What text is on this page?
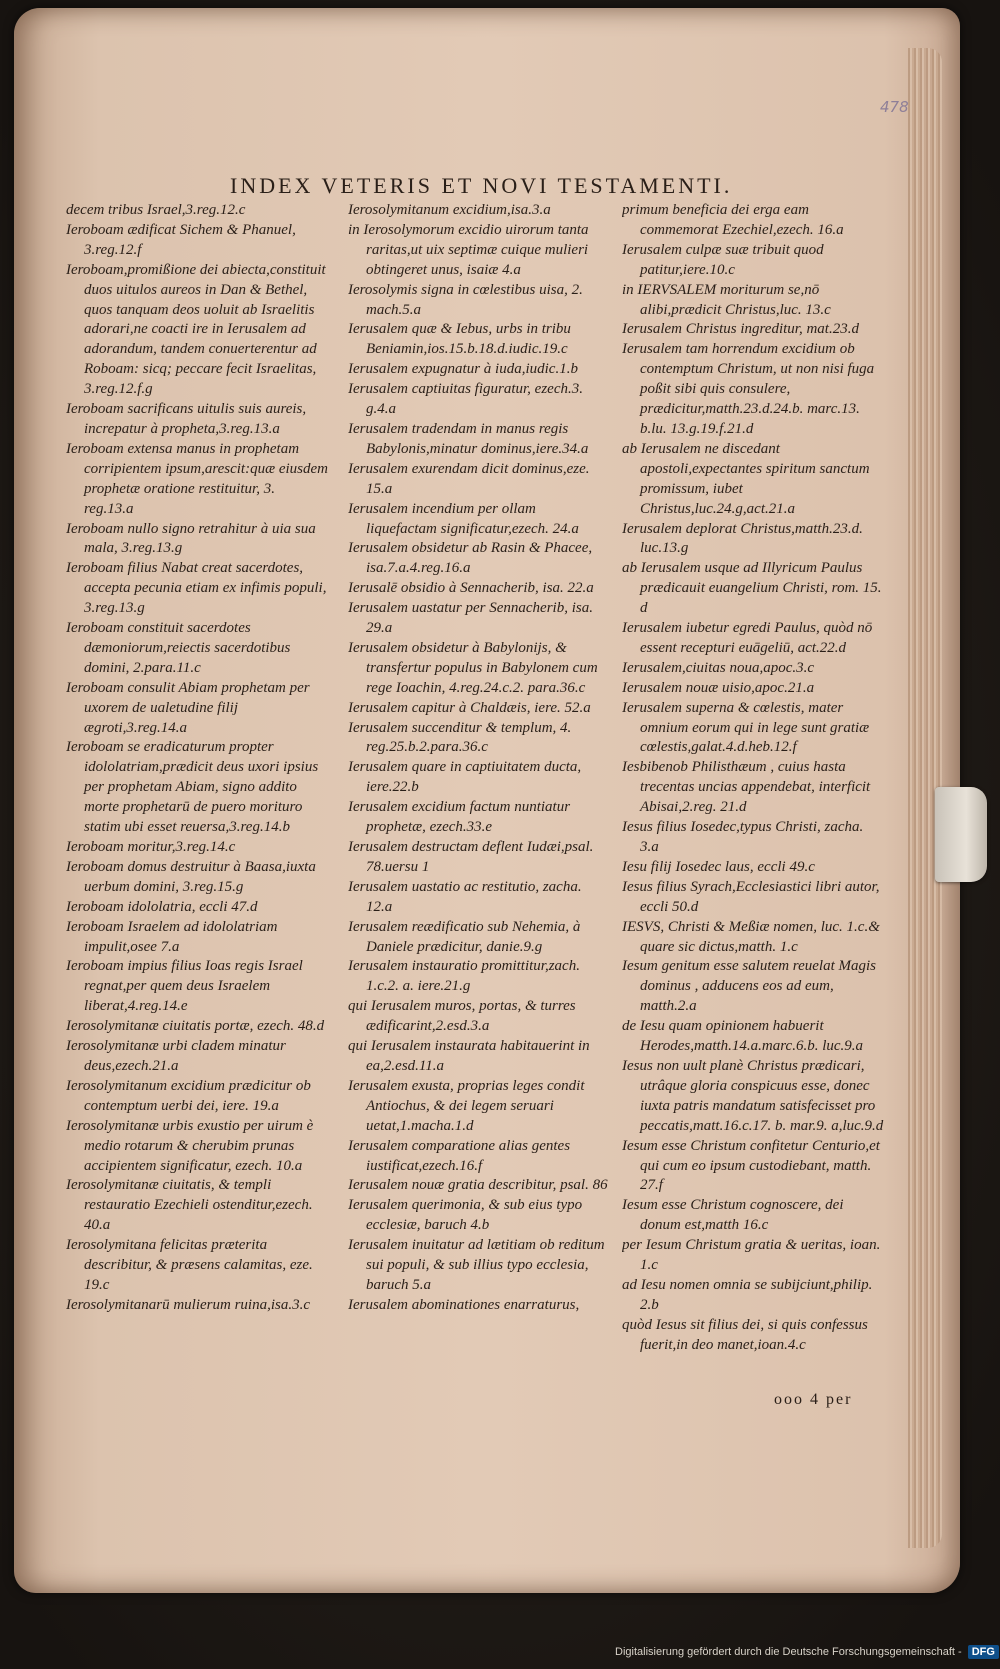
478
INDEX VETERIS ET NOVI TESTAMENTI.

decem tribus Israel,3.reg.12.c

Ieroboam ædificat Sichem & Phanuel, 3.reg.12.f

Ieroboam,promißione dei abiecta,constituit duos uitulos aureos in Dan & Bethel, quos tanquam deos uoluit ab Israelitis adorari,ne coacti ire in Ierusalem ad adorandum, tandem conuerterentur ad Roboam: sicq; peccare fecit Israelitas, 3.reg.12.f.g

Ieroboam sacrificans uitulis suis aureis, increpatur à propheta,3.reg.13.a

Ieroboam extensa manus in prophetam corripientem ipsum,arescit:quæ eiusdem prophetæ oratione restituitur, 3. reg.13.a

Ieroboam nullo signo retrahitur à uia sua mala, 3.reg.13.g

Ieroboam filius Nabat creat sacerdotes, accepta pecunia etiam ex infimis populi, 3.reg.13.g

Ieroboam constituit sacerdotes dæmoniorum,reiectis sacerdotibus domini, 2.para.11.c

Ieroboam consulit Abiam prophetam per uxorem de ualetudine filij ægroti,3.reg.14.a

Ieroboam se eradicaturum propter idololatriam,prædicit deus uxori ipsius per prophetam Abiam, signo addito morte prophetarū de puero morituro statim ubi esset reuersa,3.reg.14.b

Ieroboam moritur,3.reg.14.c

Ieroboam domus destruitur à Baasa,iuxta uerbum domini, 3.reg.15.g

Ieroboam idololatria, eccli 47.d

Ieroboam Israelem ad idololatriam impulit,osee 7.a

Ieroboam impius filius Ioas regis Israel regnat,per quem deus Israelem liberat,4.reg.14.e

Ierosolymitanæ ciuitatis portæ, ezech. 48.d

Ierosolymitanæ urbi cladem minatur deus,ezech.21.a

Ierosolymitanum excidium prædicitur ob contemptum uerbi dei, iere. 19.a

Ierosolymitanæ urbis exustio per uirum è medio rotarum & cherubim prunas accipientem significatur, ezech. 10.a

Ierosolymitanæ ciuitatis, & templi restauratio Ezechieli ostenditur,ezech. 40.a

Ierosolymitana felicitas præterita describitur, & præsens calamitas, eze. 19.c

Ierosolymitanarū mulierum ruina,isa.3.c

Ierosolymitanum excidium,isa.3.a

in Ierosolymorum excidio uirorum tanta raritas,ut uix septimæ cuique mulieri obtingeret unus, isaiæ 4.a

Ierosolymis signa in cœlestibus uisa, 2. mach.5.a

Ierusalem quæ & Iebus, urbs in tribu Beniamin,ios.15.b.18.d.iudic.19.c

Ierusalem expugnatur à iuda,iudic.1.b

Ierusalem captiuitas figuratur, ezech.3. g.4.a

Ierusalem tradendam in manus regis Babylonis,minatur dominus,iere.34.a

Ierusalem exurendam dicit dominus,eze. 15.a

Ierusalem incendium per ollam liquefactam significatur,ezech. 24.a

Ierusalem obsidetur ab Rasin & Phacee, isa.7.a.4.reg.16.a

Ierusalē obsidio à Sennacherib, isa. 22.a

Ierusalem uastatur per Sennacherib, isa. 29.a

Ierusalem obsidetur à Babylonijs, & transfertur populus in Babylonem cum rege Ioachin, 4.reg.24.c.2. para.36.c

Ierusalem capitur à Chaldæis, iere. 52.a

Ierusalem succenditur & templum, 4. reg.25.b.2.para.36.c

Ierusalem quare in captiuitatem ducta, iere.22.b

Ierusalem excidium factum nuntiatur prophetæ, ezech.33.e

Ierusalem destructam deflent Iudæi,psal. 78.uersu 1

Ierusalem uastatio ac restitutio, zacha. 12.a

Ierusalem reædificatio sub Nehemia, à Daniele prædicitur, danie.9.g

Ierusalem instauratio promittitur,zach. 1.c.2. a. iere.21.g

qui Ierusalem muros, portas, & turres ædificarint,2.esd.3.a

qui Ierusalem instaurata habitauerint in ea,2.esd.11.a

Ierusalem exusta, proprias leges condit Antiochus, & dei legem seruari uetat,1.macha.1.d

Ierusalem comparatione alias gentes iustificat,ezech.16.f

Ierusalem nouæ gratia describitur, psal. 86

Ierusalem querimonia, & sub eius typo ecclesiæ, baruch 4.b

Ierusalem inuitatur ad lætitiam ob reditum sui populi, & sub illius typo ecclesia, baruch 5.a

Ierusalem abominationes enarraturus,

primum beneficia dei erga eam commemorat Ezechiel,ezech. 16.a

Ierusalem culpæ suæ tribuit quod patitur,iere.10.c

in IERVSALEM moriturum se,nō alibi,prædicit Christus,luc. 13.c

Ierusalem Christus ingreditur, mat.23.d

Ierusalem tam horrendum excidium ob contemptum Christum, ut non nisi fuga poßit sibi quis consulere, prædicitur,matth.23.d.24.b. marc.13. b.lu. 13.g.19.f.21.d

ab Ierusalem ne discedant apostoli,expectantes spiritum sanctum promissum, iubet Christus,luc.24.g,act.21.a

Ierusalem deplorat Christus,matth.23.d. luc.13.g

ab Ierusalem usque ad Illyricum Paulus prædicauit euangelium Christi, rom. 15. d

Ierusalem iubetur egredi Paulus, quòd nō essent recepturi euāgeliū, act.22.d

Ierusalem,ciuitas noua,apoc.3.c

Ierusalem nouæ uisio,apoc.21.a

Ierusalem superna & cœlestis, mater omnium eorum qui in lege sunt gratiæ cœlestis,galat.4.d.heb.12.f

Iesbibenob Philisthæum , cuius hasta trecentas uncias appendebat, interficit Abisai,2.reg. 21.d

Iesus filius Iosedec,typus Christi, zacha. 3.a

Iesu filij Iosedec laus, eccli 49.c

Iesus filius Syrach,Ecclesiastici libri autor, eccli 50.d

IESVS, Christi & Meßiæ nomen, luc. 1.c.& quare sic dictus,matth. 1.c

Iesum genitum esse salutem reuelat Magis dominus , adducens eos ad eum, matth.2.a

de Iesu quam opinionem habuerit Herodes,matth.14.a.marc.6.b. luc.9.a

Iesus non uult planè Christus prædicari, utrâque gloria conspicuus esse, donec iuxta patris mandatum satisfecisset pro peccatis,matt.16.c.17. b. mar.9. a,luc.9.d

Iesum esse Christum confitetur Centurio,et qui cum eo ipsum custodiebant, matth. 27.f

Iesum esse Christum cognoscere, dei donum est,matth 16.c

per Iesum Christum gratia & ueritas, ioan. 1.c

ad Iesu nomen omnia se subijciunt,philip. 2.b

quòd Iesus sit filius dei, si quis confessus fuerit,in deo manet,ioan.4.c

ooo 4 per
Digitalisierung gefördert durch die Deutsche Forschungsgemeinschaft - DFG
